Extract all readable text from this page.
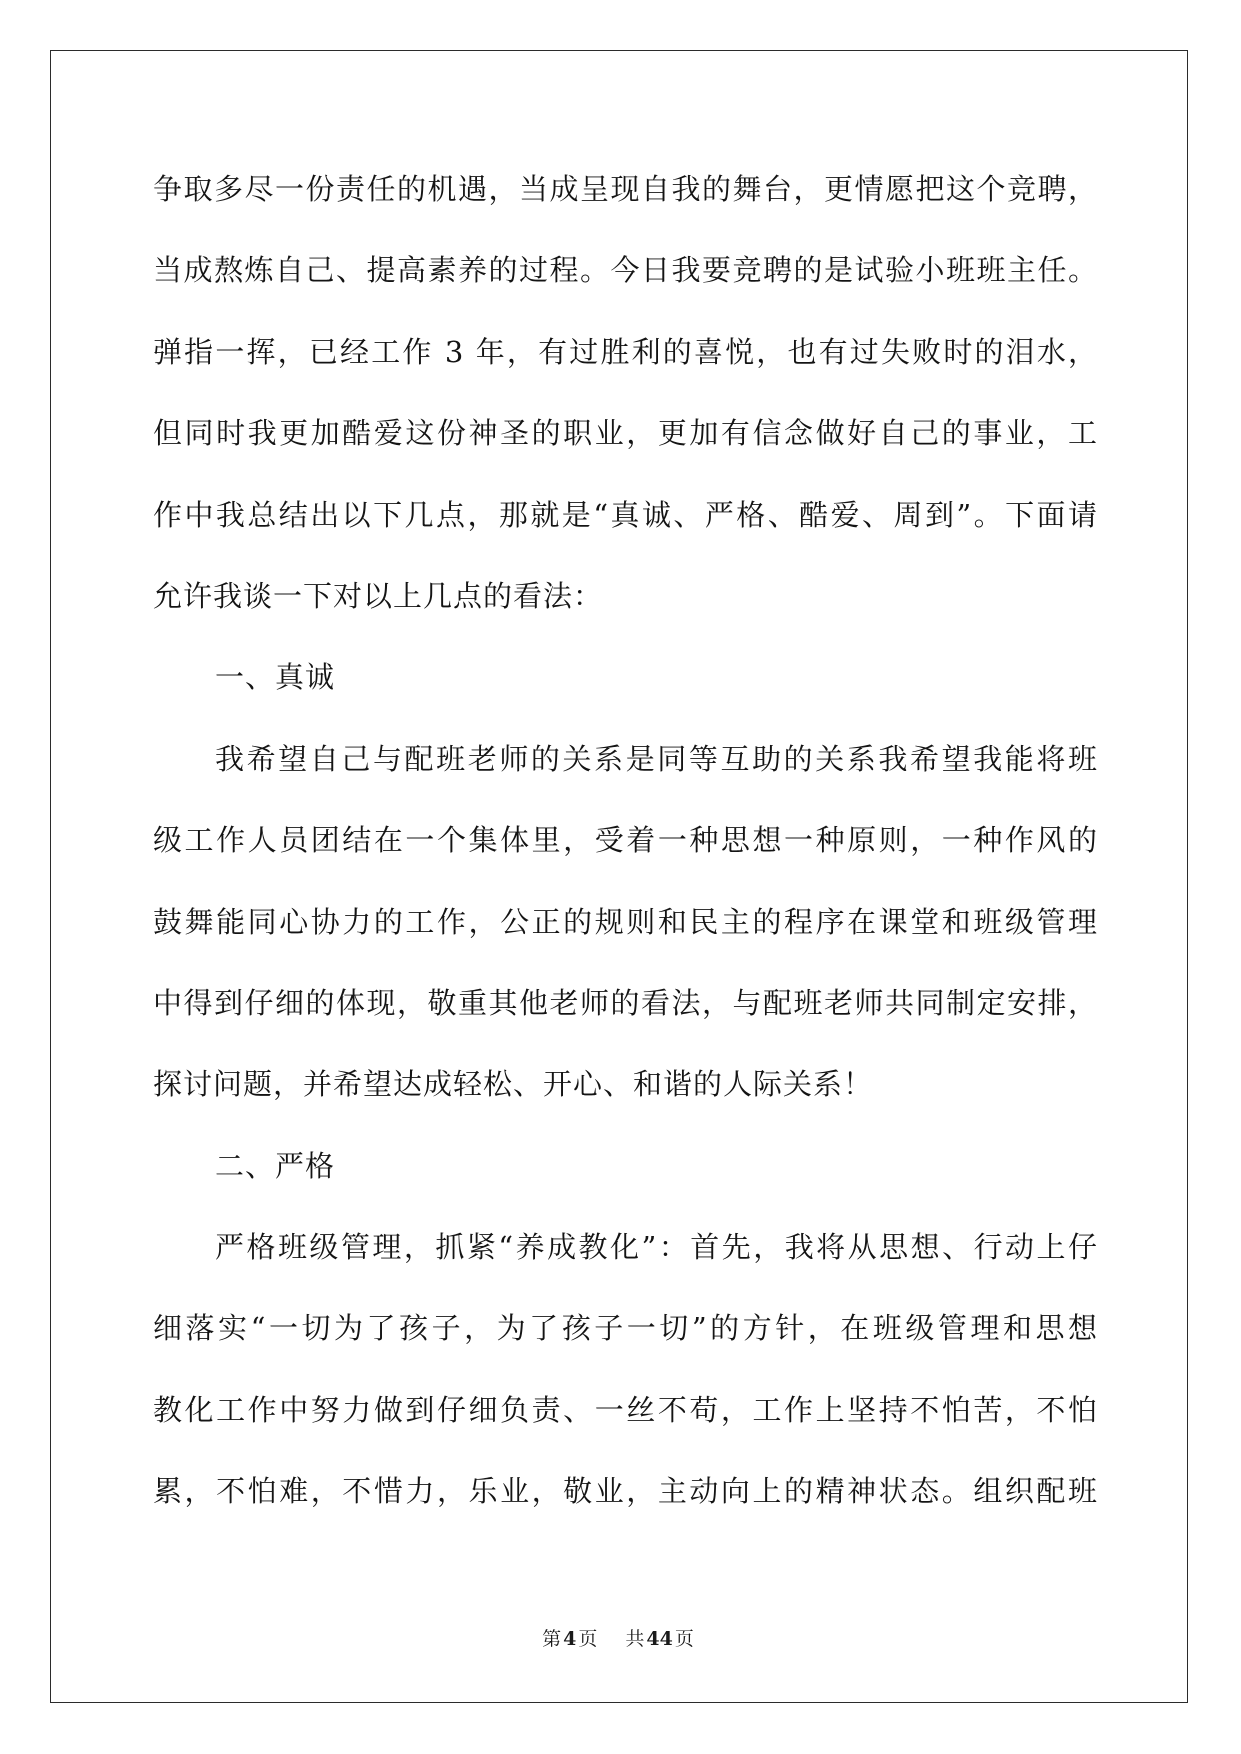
争取多尽一份责任的机遇，当成呈现自我的舞台，更情愿把这个竞聘，
当成熬炼自己、提高素养的过程。今日我要竞聘的是试验小班班主任。
弹指一挥，已经工作 3 年，有过胜利的喜悦，也有过失败时的泪水，
但同时我更加酷爱这份神圣的职业，更加有信念做好自己的事业，工
作中我总结出以下几点，那就是“真诚、严格、酷爱、周到”。下面请
允许我谈一下对以上几点的看法：
一、真诚
我希望自己与配班老师的关系是同等互助的关系我希望我能将班
级工作人员团结在一个集体里，受着一种思想一种原则，一种作风的
鼓舞能同心协力的工作，公正的规则和民主的程序在课堂和班级管理
中得到仔细的体现，敬重其他老师的看法，与配班老师共同制定安排，
探讨问题，并希望达成轻松、开心、和谐的人际关系！
二、严格
严格班级管理，抓紧“养成教化”：首先，我将从思想、行动上仔
细落实“一切为了孩子，为了孩子一切”的方针，在班级管理和思想
教化工作中努力做到仔细负责、一丝不苟，工作上坚持不怕苦，不怕
累，不怕难，不惜力，乐业，敬业，主动向上的精神状态。组织配班
第 4 页 共 44 页
